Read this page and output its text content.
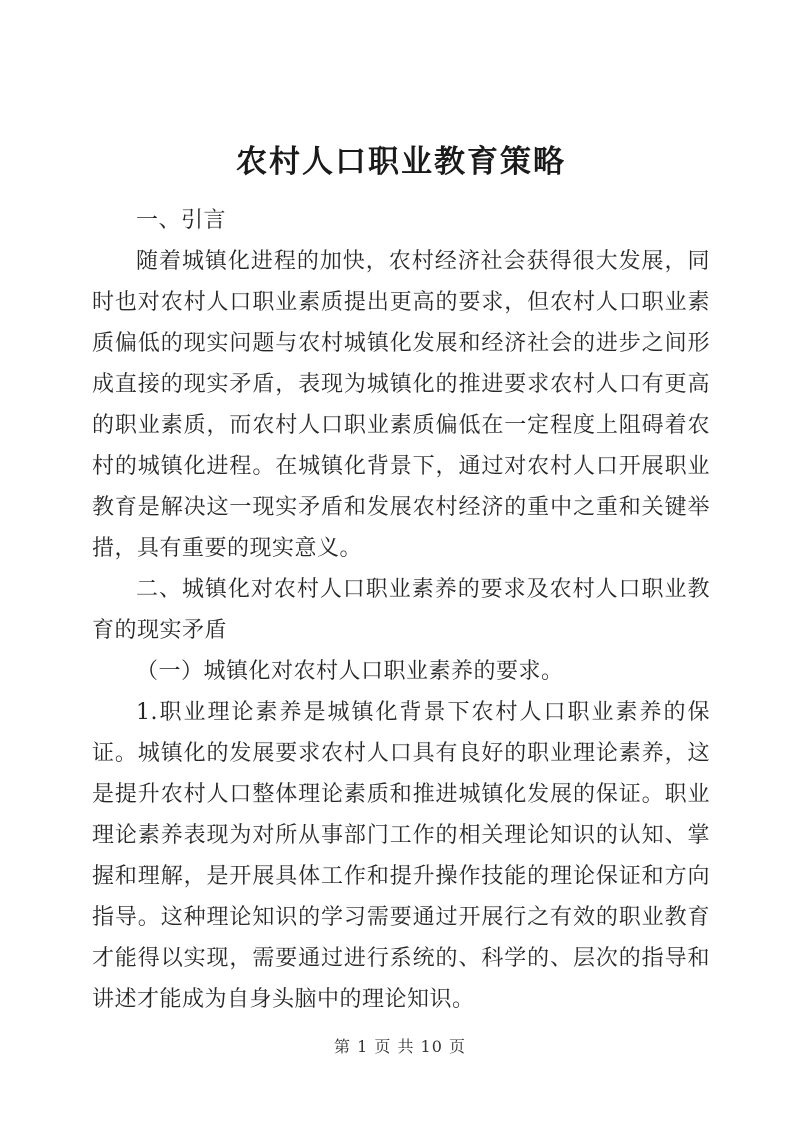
农村人口职业教育策略

一、引言

随着城镇化进程的加快，农村经济社会获得很大发展，同时也对农村人口职业素质提出更高的要求，但农村人口职业素质偏低的现实问题与农村城镇化发展和经济社会的进步之间形成直接的现实矛盾，表现为城镇化的推进要求农村人口有更高的职业素质，而农村人口职业素质偏低在一定程度上阻碍着农村的城镇化进程。在城镇化背景下，通过对农村人口开展职业教育是解决这一现实矛盾和发展农村经济的重中之重和关键举措，具有重要的现实意义。

二、城镇化对农村人口职业素养的要求及农村人口职业教育的现实矛盾

（一）城镇化对农村人口职业素养的要求。

1.职业理论素养是城镇化背景下农村人口职业素养的保证。城镇化的发展要求农村人口具有良好的职业理论素养，这是提升农村人口整体理论素质和推进城镇化发展的保证。职业理论素养表现为对所从事部门工作的相关理论知识的认知、掌握和理解，是开展具体工作和提升操作技能的理论保证和方向指导。这种理论知识的学习需要通过开展行之有效的职业教育才能得以实现，需要通过进行系统的、科学的、层次的指导和讲述才能成为自身头脑中的理论知识。

第 1 页 共 10 页
